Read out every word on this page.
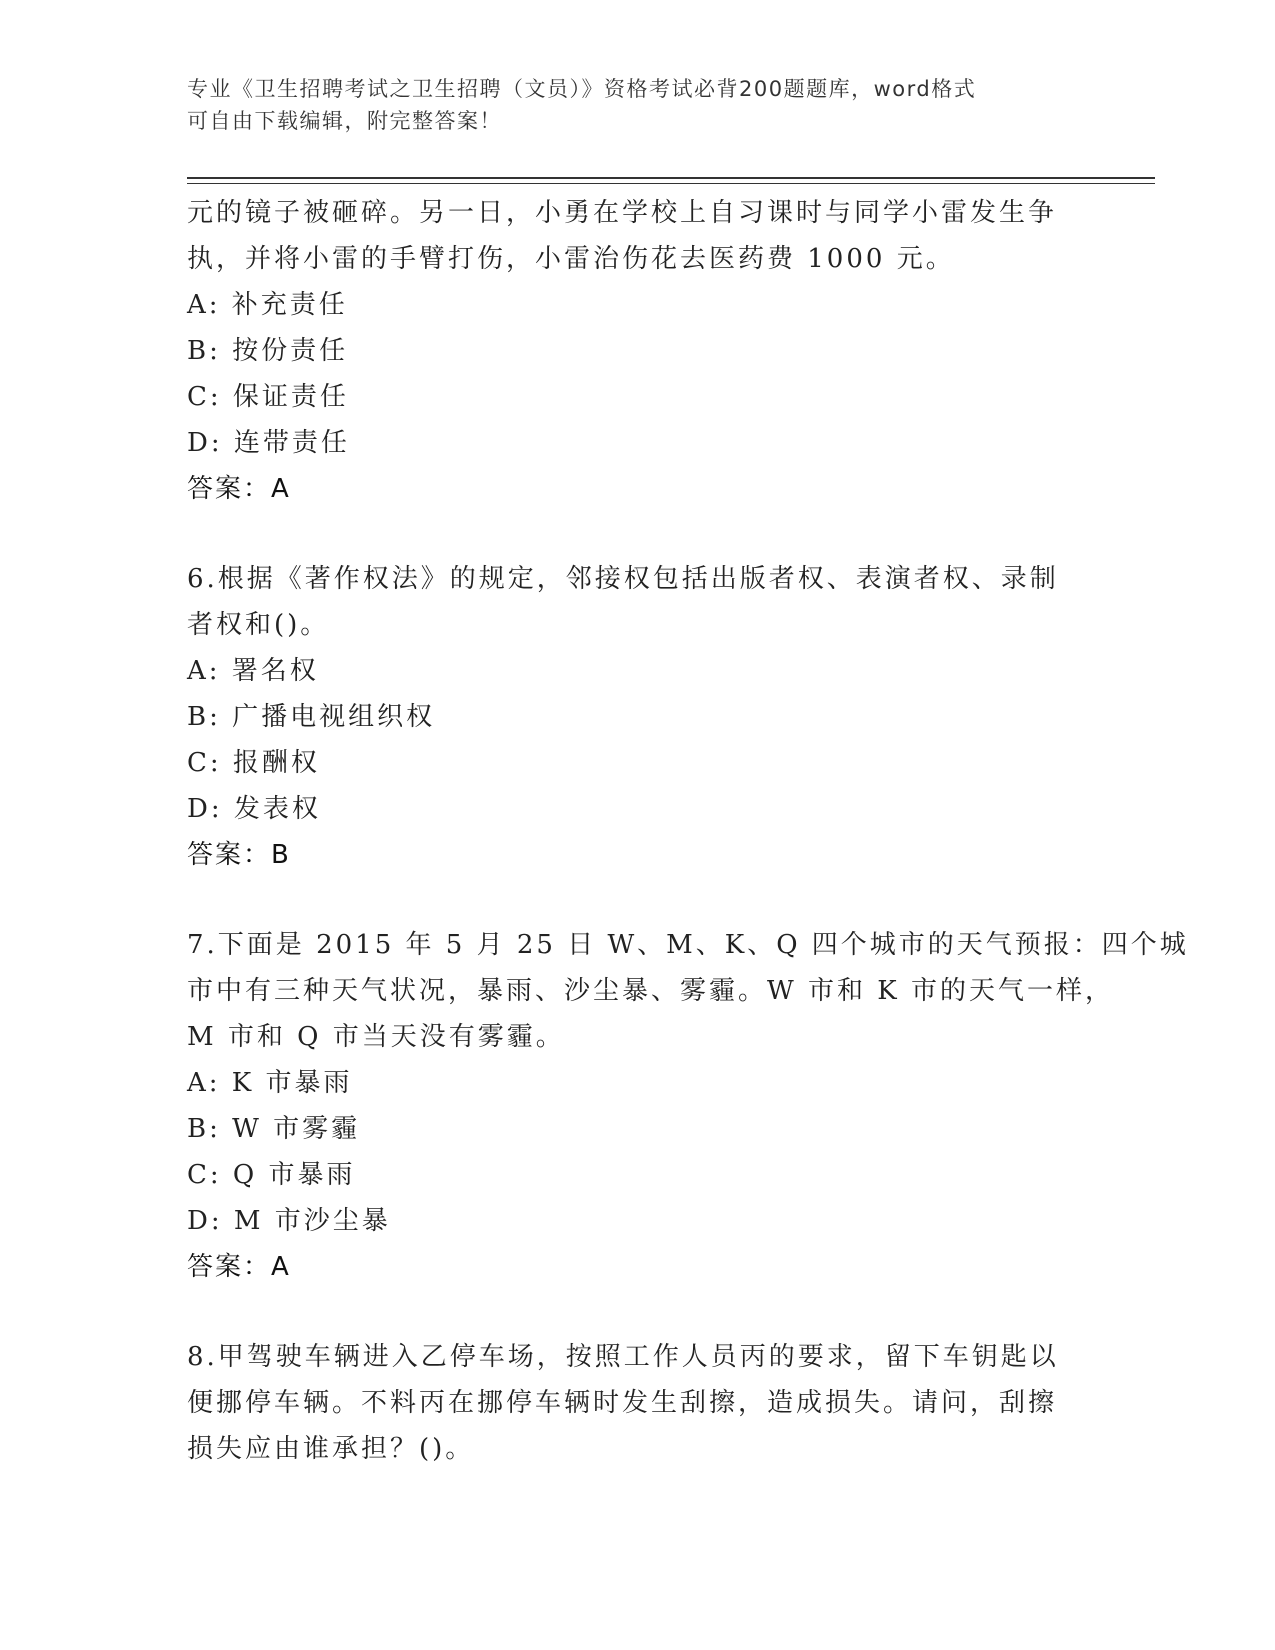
专业《卫生招聘考试之卫生招聘（文员）》资格考试必背200题题库，word格式
可自由下载编辑，附完整答案！
元的镜子被砸碎。另一日，小勇在学校上自习课时与同学小雷发生争
执，并将小雷的手臂打伤，小雷治伤花去医药费 1000 元。
A: 补充责任
B: 按份责任
C: 保证责任
D: 连带责任
答案：A
6.根据《著作权法》的规定，邻接权包括出版者权、表演者权、录制
者权和()。
A: 署名权
B: 广播电视组织权
C: 报酬权
D: 发表权
答案：B
7.下面是 2015 年 5 月 25 日 W、M、K、Q 四个城市的天气预报：四个城
市中有三种天气状况，暴雨、沙尘暴、雾霾。W 市和 K 市的天气一样，
M 市和 Q 市当天没有雾霾。
A: K 市暴雨
B: W 市雾霾
C: Q 市暴雨
D: M 市沙尘暴
答案：A
8.甲驾驶车辆进入乙停车场，按照工作人员丙的要求，留下车钥匙以
便挪停车辆。不料丙在挪停车辆时发生刮擦，造成损失。请问，刮擦
损失应由谁承担？()。
